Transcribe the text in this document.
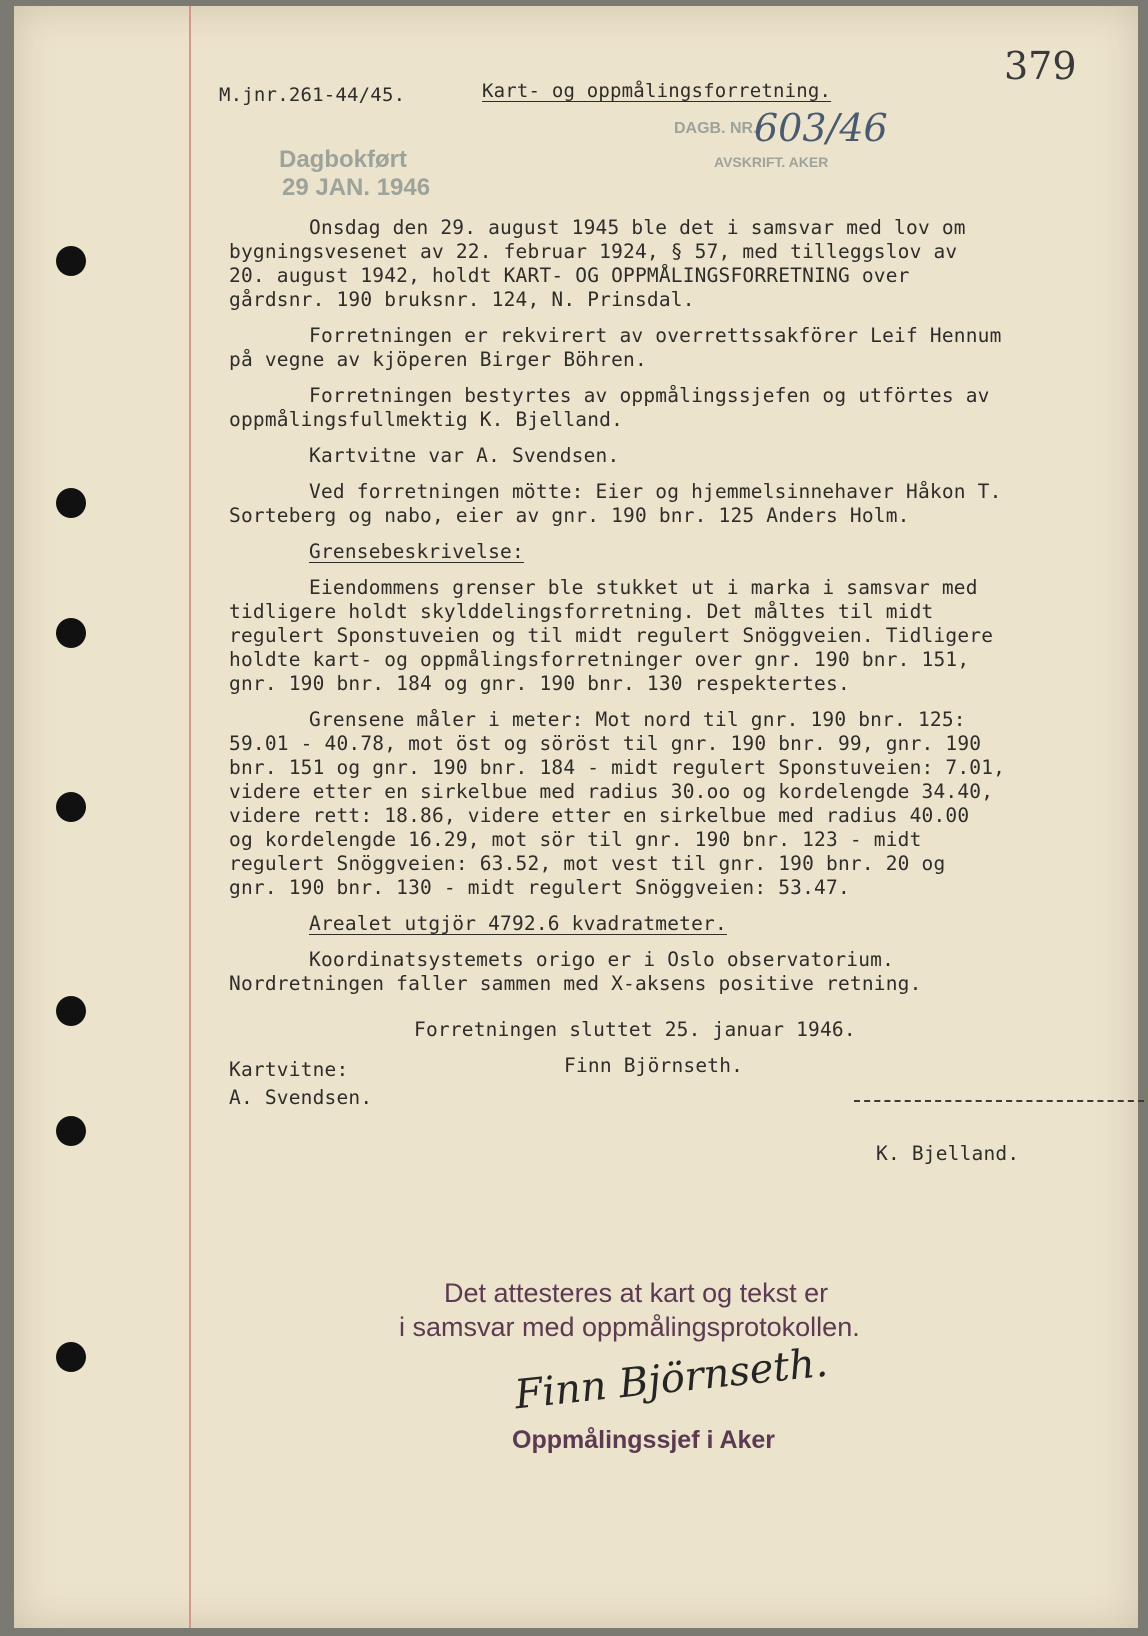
M.jnr.261-44/45.	Kart- og oppmålingsforretning.
379
Dagbokført
29 JAN. 1946
DAGB. NR.
603/46
AVSKRIFT. AKER
Onsdag den 29. august 1945 ble det i samsvar med lov om
bygningsvesenet av 22. februar 1924, § 57, med tilleggslov av
20. august 1942, holdt KART- OG OPPMÅLINGSFORRETNING over
gårdsnr. 190 bruksnr. 124, N. Prinsdal.
Forretningen er rekvirert av overrettssakförer Leif Hennum
på vegne av kjöperen Birger Böhren.
Forretningen bestyrtes av oppmålingssjefen og utförtes av
oppmålingsfullmektig K. Bjelland.
Kartvitne var A. Svendsen.
Ved forretningen mötte: Eier og hjemmelsinnehaver Håkon T.
Sorteberg og nabo, eier av gnr. 190 bnr. 125 Anders Holm.
Grensebeskrivelse:
Eiendommens grenser ble stukket ut i marka i samsvar med
tidligere holdt skylddelingsforretning. Det måltes til midt
regulert Sponstuveien og til midt regulert Snöggveien. Tidligere
holdte kart- og oppmålingsforretninger over gnr. 190 bnr. 151,
gnr. 190 bnr. 184 og gnr. 190 bnr. 130 respektertes.
Grensene måler i meter: Mot nord til gnr. 190 bnr. 125:
59.01 - 40.78, mot öst og söröst til gnr. 190 bnr. 99, gnr. 190
bnr. 151 og gnr. 190 bnr. 184 - midt regulert Sponstuveien: 7.01,
videre etter en sirkelbue med radius 30.oo og kordelengde 34.40,
videre rett: 18.86, videre etter en sirkelbue med radius 40.00
og kordelengde 16.29, mot sör til gnr. 190 bnr. 123 - midt
regulert Snöggveien: 63.52, mot vest til gnr. 190 bnr. 20 og
gnr. 190 bnr. 130 - midt regulert Snöggveien: 53.47.
Arealet utgjör 4792.6 kvadratmeter.
Koordinatsystemets origo er i Oslo observatorium.
Nordretningen faller sammen med X-aksens positive retning.
Forretningen sluttet 25. januar 1946.
Kartvitne:	Finn Björnseth.
A. Svendsen.
K. Bjelland.
Det attesteres at kart og tekst er
i samsvar med oppmålingsprotokollen.
Finn Björnseth.
Oppmålingssjef i Aker
